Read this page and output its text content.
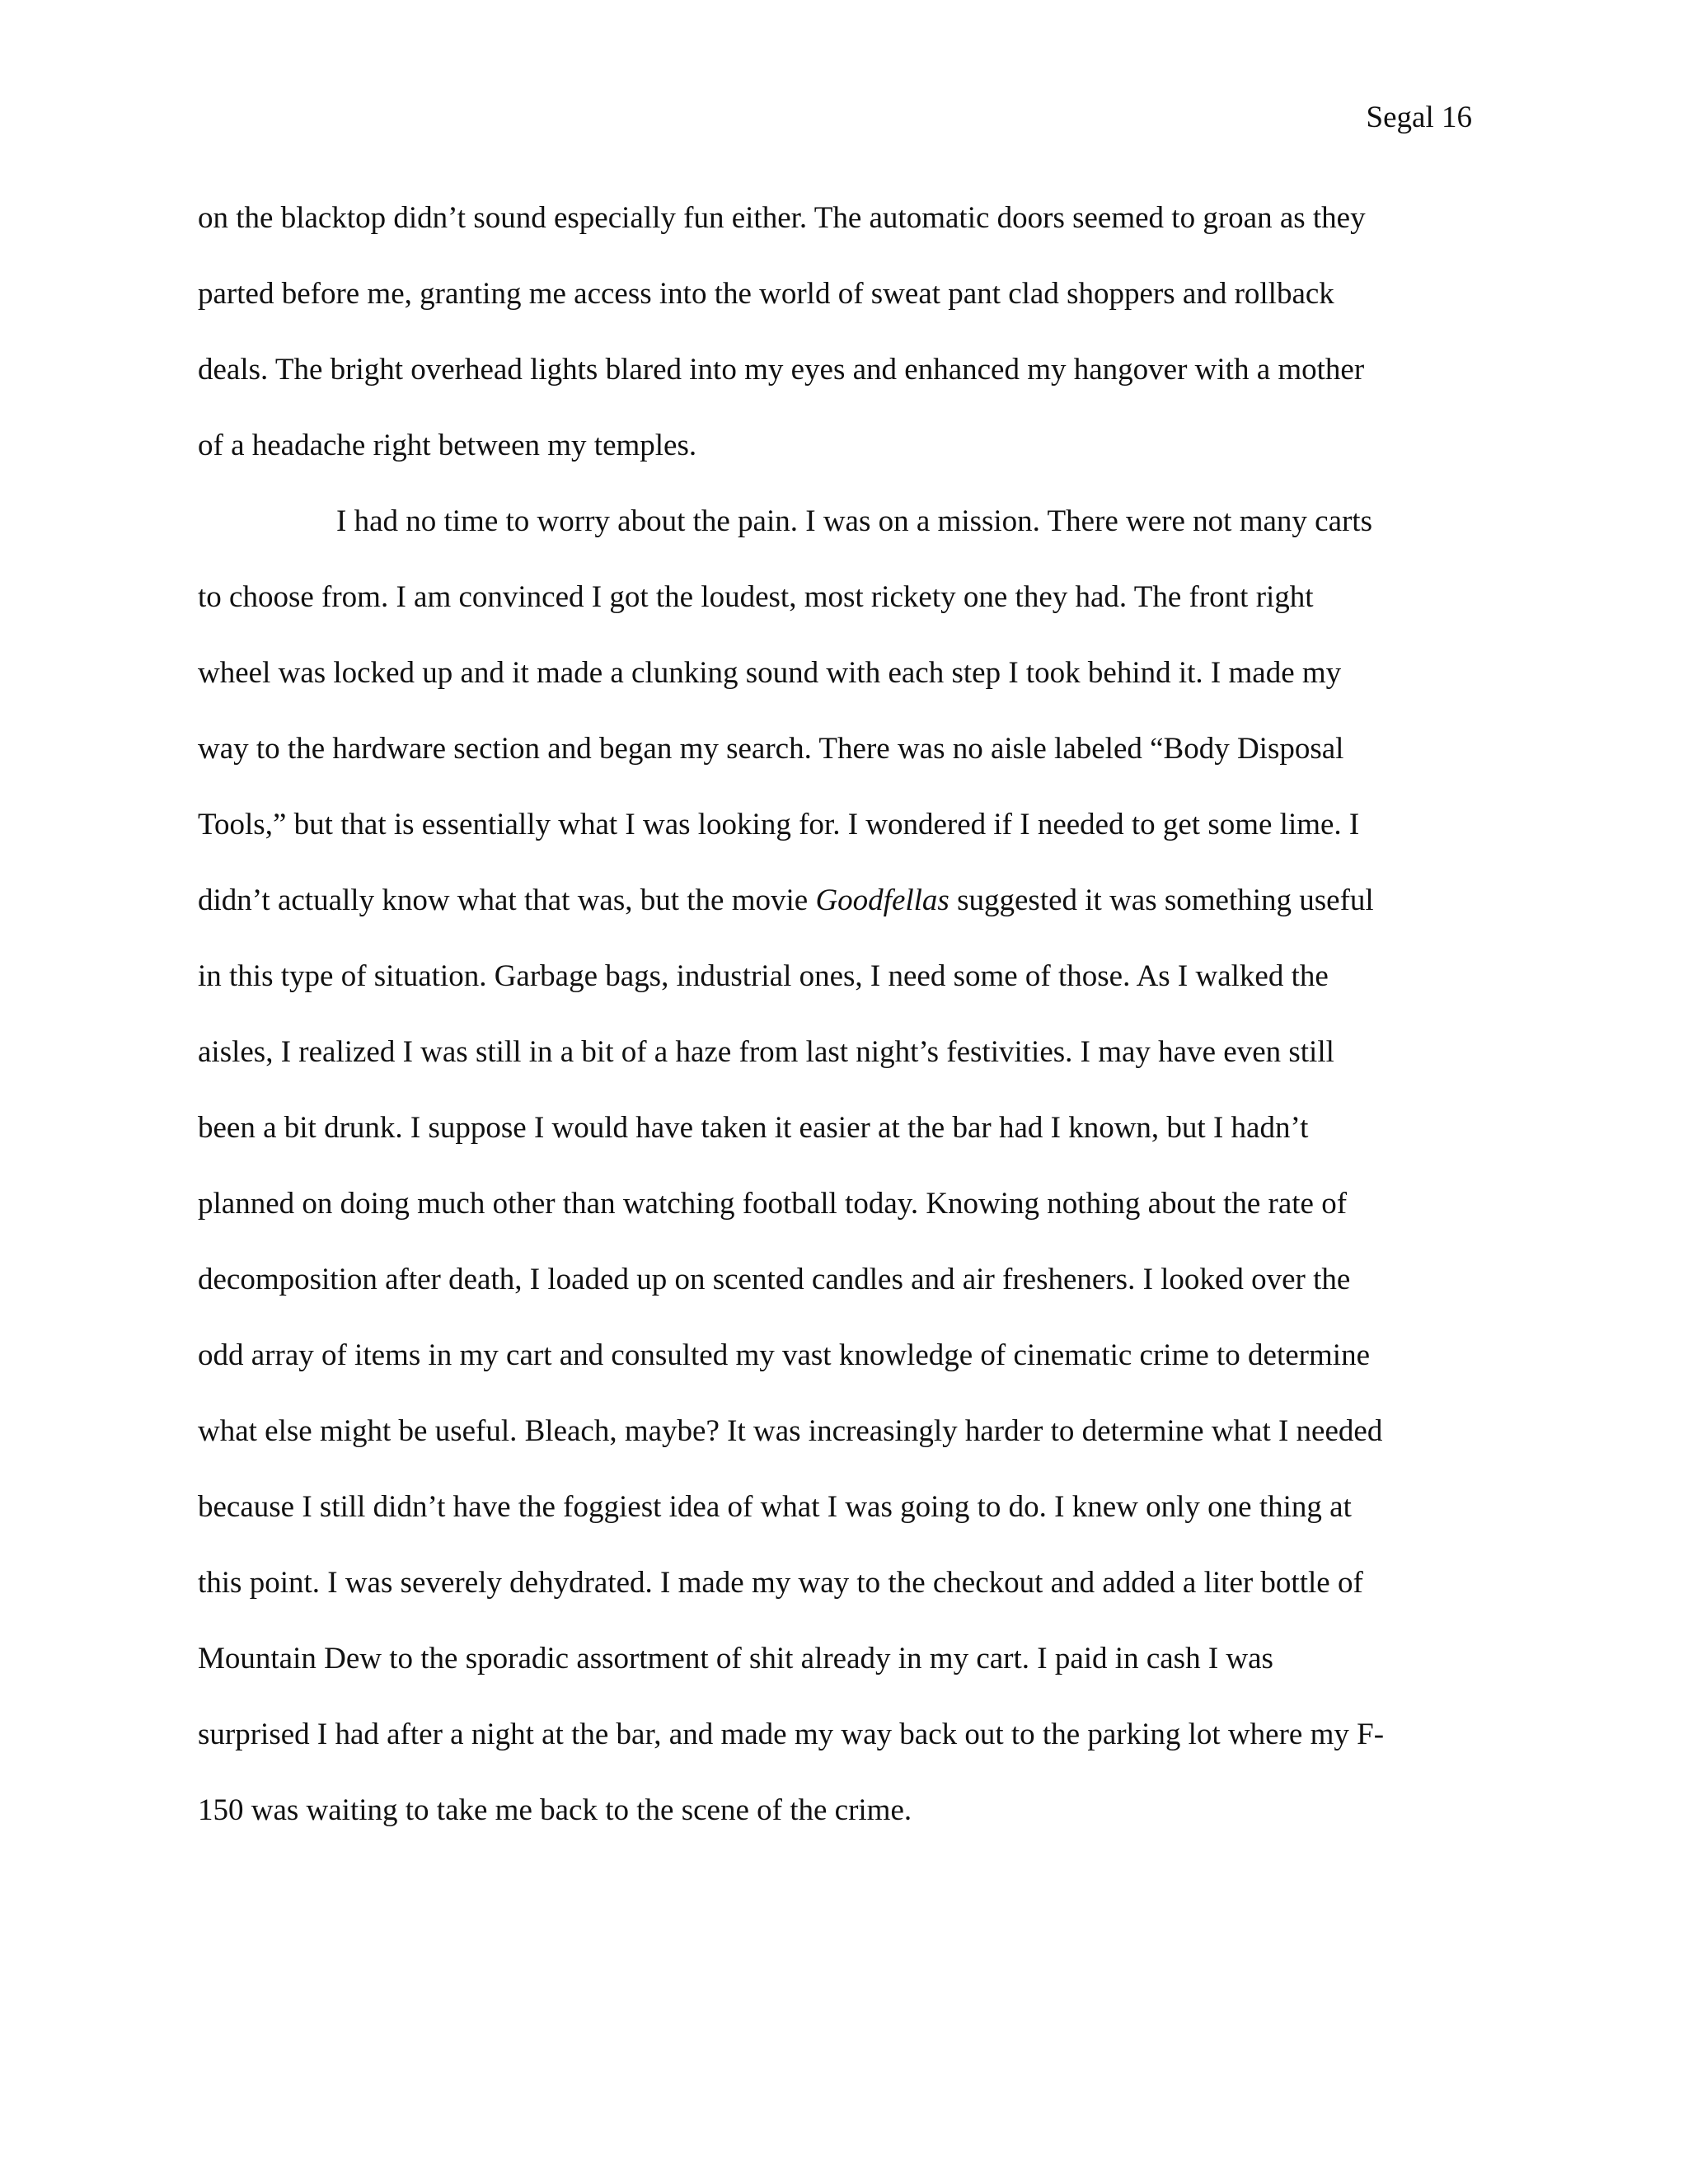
Segal 16
on the blacktop didn’t sound especially fun either. The automatic doors seemed to groan as they
parted before me, granting me access into the world of sweat pant clad shoppers and rollback
deals. The bright overhead lights blared into my eyes and enhanced my hangover with a mother
of a headache right between my temples.
I had no time to worry about the pain. I was on a mission. There were not many carts
to choose from. I am convinced I got the loudest, most rickety one they had. The front right
wheel was locked up and it made a clunking sound with each step I took behind it. I made my
way to the hardware section and began my search. There was no aisle labeled “Body Disposal
Tools,” but that is essentially what I was looking for. I wondered if I needed to get some lime. I
didn’t actually know what that was, but the movie Goodfellas suggested it was something useful
in this type of situation. Garbage bags, industrial ones, I need some of those. As I walked the
aisles, I realized I was still in a bit of a haze from last night’s festivities. I may have even still
been a bit drunk. I suppose I would have taken it easier at the bar had I known, but I hadn’t
planned on doing much other than watching football today. Knowing nothing about the rate of
decomposition after death, I loaded up on scented candles and air fresheners. I looked over the
odd array of items in my cart and consulted my vast knowledge of cinematic crime to determine
what else might be useful. Bleach, maybe? It was increasingly harder to determine what I needed
because I still didn’t have the foggiest idea of what I was going to do. I knew only one thing at
this point. I was severely dehydrated. I made my way to the checkout and added a liter bottle of
Mountain Dew to the sporadic assortment of shit already in my cart. I paid in cash I was
surprised I had after a night at the bar, and made my way back out to the parking lot where my F-
150 was waiting to take me back to the scene of the crime.
